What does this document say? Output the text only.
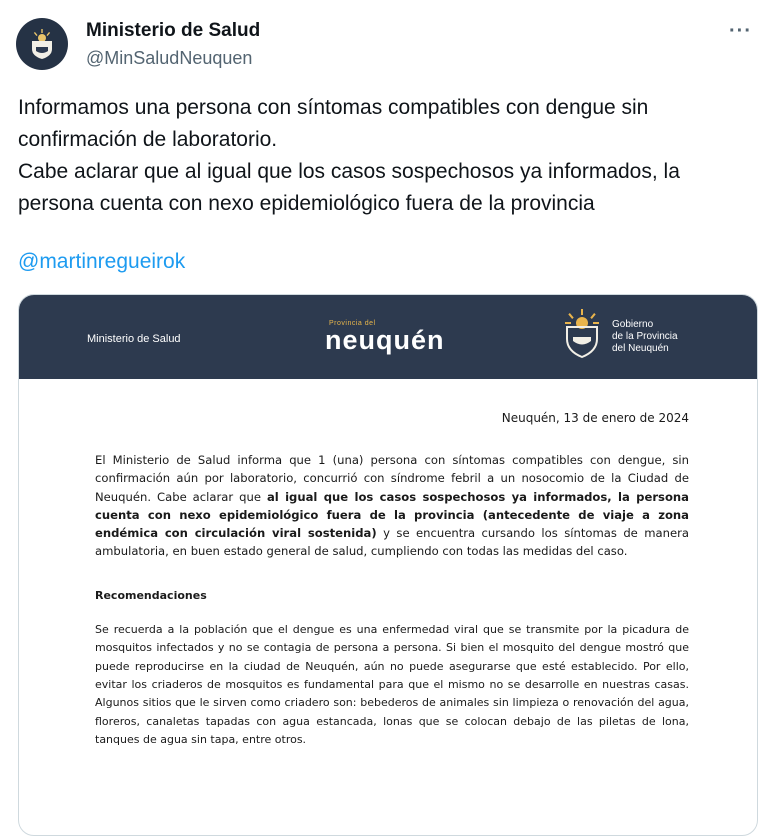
Ministerio de Salud
@MinSaludNeuquen
···

Informamos una persona con síntomas compatibles con dengue sin confirmación de laboratorio.

Cabe aclarar que al igual que los casos sospechosos ya informados, la persona cuenta con nexo epidemiológico fuera de la provincia

@martinregueirok
Ministerio de Salud
Provincia del
neuquén
Gobierno
de la Provincia
del Neuquén
Neuquén, 13 de enero de 2024

El Ministerio de Salud informa que 1 (una) persona con síntomas compatibles con dengue, sin confirmación aún por laboratorio, concurrió con síndrome febril a un nosocomio de la Ciudad de Neuquén. Cabe aclarar que al igual que los casos sospechosos ya informados, la persona cuenta con nexo epidemiológico fuera de la provincia (antecedente de viaje a zona endémica con circulación viral sostenida) y se encuentra cursando los síntomas de manera ambulatoria, en buen estado general de salud, cumpliendo con todas las medidas del caso.

Recomendaciones

Se recuerda a la población que el dengue es una enfermedad viral que se transmite por la picadura de mosquitos infectados y no se contagia de persona a persona. Si bien el mosquito del dengue mostró que puede reproducirse en la ciudad de Neuquén, aún no puede asegurarse que esté establecido. Por ello, evitar los criaderos de mosquitos es fundamental para que el mismo no se desarrolle en nuestras casas. Algunos sitios que le sirven como criadero son: bebederos de animales sin limpieza o renovación del agua, floreros, canaletas tapadas con agua estancada, lonas que se colocan debajo de las piletas de lona, tanques de agua sin tapa, entre otros.
